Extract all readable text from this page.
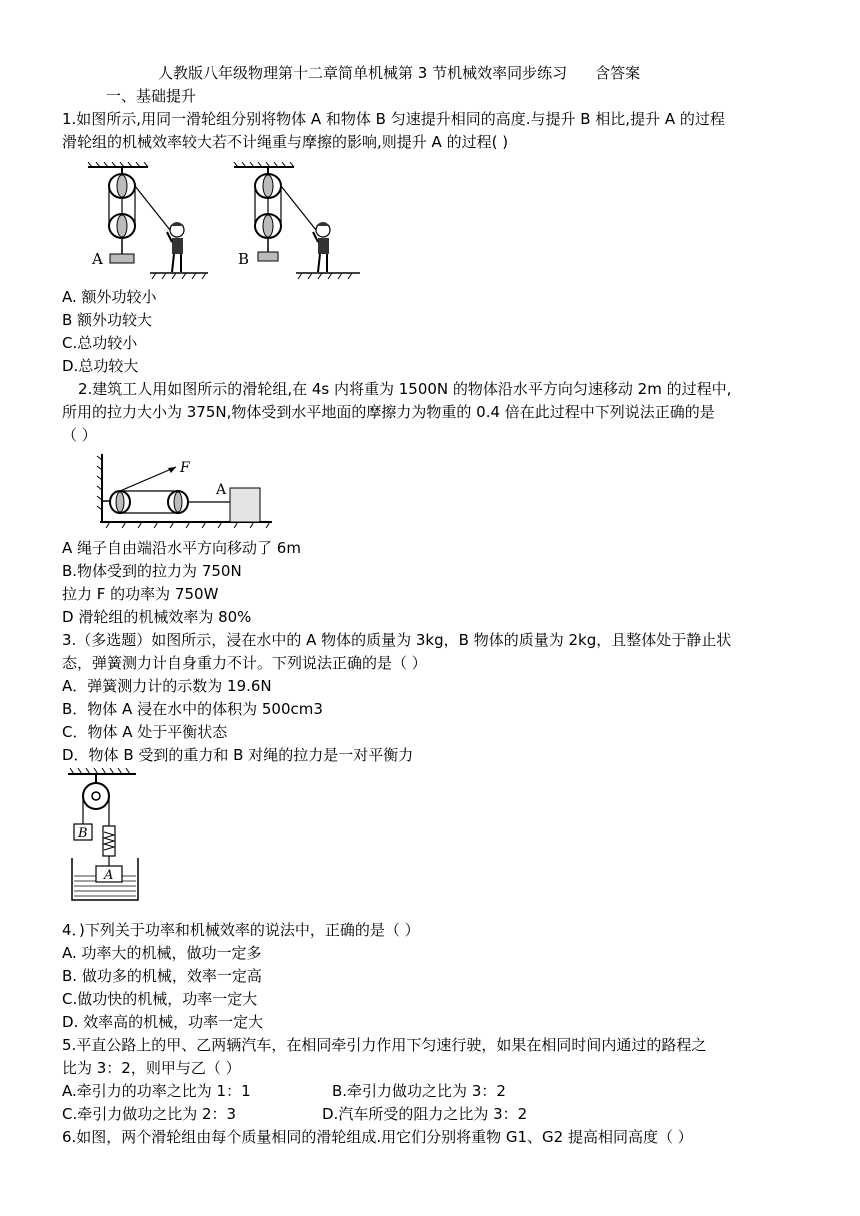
人教版八年级物理第十二章简单机械第 3 节机械效率同步练习 含答案
一、基础提升
1.如图所示,用同一滑轮组分别将物体 A 和物体 B 匀速提升相同的高度.与提升 B 相比,提升 A 的过程
滑轮组的机械效率较大若不计绳重与摩擦的影响,则提升 A 的过程( )
A	B
A. 额外功较小
B 额外功较大
C.总功较小
D.总功较大
2.建筑工人用如图所示的滑轮组,在 4s 内将重为 1500N 的物体沿水平方向匀速移动 2m 的过程中,
所用的拉力大小为 375N,物体受到水平地面的摩擦力为物重的 0.4 倍在此过程中下列说法正确的是
（ ）
F
A
A 绳子自由端沿水平方向移动了 6m
B.物体受到的拉力为 750N
拉力 F 的功率为 750W
D 滑轮组的机械效率为 80%
3.（多选题）如图所示，浸在水中的 A 物体的质量为 3kg，B 物体的质量为 2kg，且整体处于静止状
态，弹簧测力计自身重力不计。下列说法正确的是（ ）
A．弹簧测力计的示数为 19.6N
B．物体 A 浸在水中的体积为 500cm3
C．物体 A 处于平衡状态
D．物体 B 受到的重力和 B 对绳的拉力是一对平衡力
B
A
4．)下列关于功率和机械效率的说法中，正确的是（ ）
A. 功率大的机械，做功一定多
B. 做功多的机械，效率一定高
C.做功快的机械，功率一定大
D. 效率高的机械，功率一定大
5.平直公路上的甲、乙两辆汽车，在相同牵引力作用下匀速行驶，如果在相同时间内通过的路程之
比为 3：2，则甲与乙（ ）
A.牵引力的功率之比为 1：1	B.牵引力做功之比为 3：2
C.牵引力做功之比为 2：3	D.汽车所受的阻力之比为 3：2
6.如图，两个滑轮组由每个质量相同的滑轮组成.用它们分别将重物 G1、G2 提高相同高度（ ）
